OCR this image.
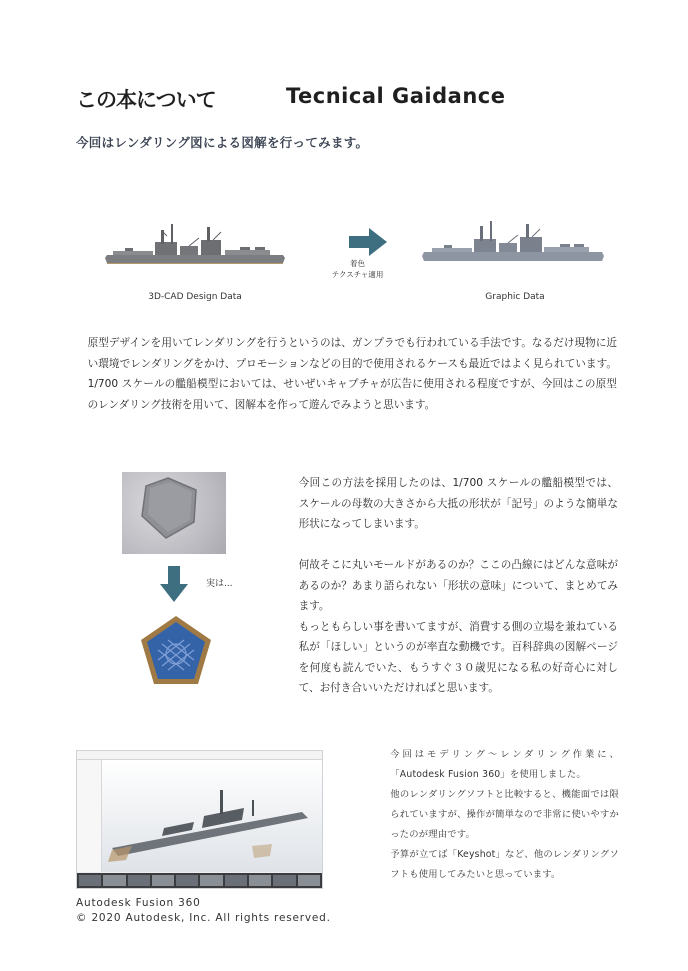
この本について	Tecnical Gaidance
今回はレンダリング図による図解を行ってみます。
着色
テクスチャ適用
3D-CAD Design Data	Graphic Data

原型デザインを用いてレンダリングを行うというのは、ガンプラでも行われている手法です。なるだけ現物に近い環境でレンダリングをかけ、プロモーションなどの目的で使用されるケースも最近ではよく見られています。1/700 スケールの艦船模型においては、せいぜいキャプチャが広告に使用される程度ですが、今回はこの原型のレンダリング技術を用いて、図解本を作って遊んでみようと思います。

実は...

今回この方法を採用したのは、1/700 スケールの艦船模型では、スケールの母数の大きさから大抵の形状が「記号」のような簡単な形状になってしまいます。

何故そこに丸いモールドがあるのか？ここの凸線にはどんな意味があるのか？あまり語られない「形状の意味」について、まとめてみます。

もっともらしい事を書いてますが、消費する側の立場を兼ねている私が「ほしい」というのが率直な動機です。百科辞典の図解ページを何度も読んでいた、もうすぐ３０歳児になる私の好奇心に対して、お付き合いいただければと思います。

今回はモデリング～レンダリング作業に、「Autodesk Fusion 360」を使用しました。

他のレンダリングソフトと比較すると、機能面では限られていますが、操作が簡単なので非常に使いやすかったのが理由です。

予算が立てば「Keyshot」など、他のレンダリングソフトも使用してみたいと思っています。

Autodesk Fusion 360
© 2020 Autodesk, Inc. All rights reserved.
